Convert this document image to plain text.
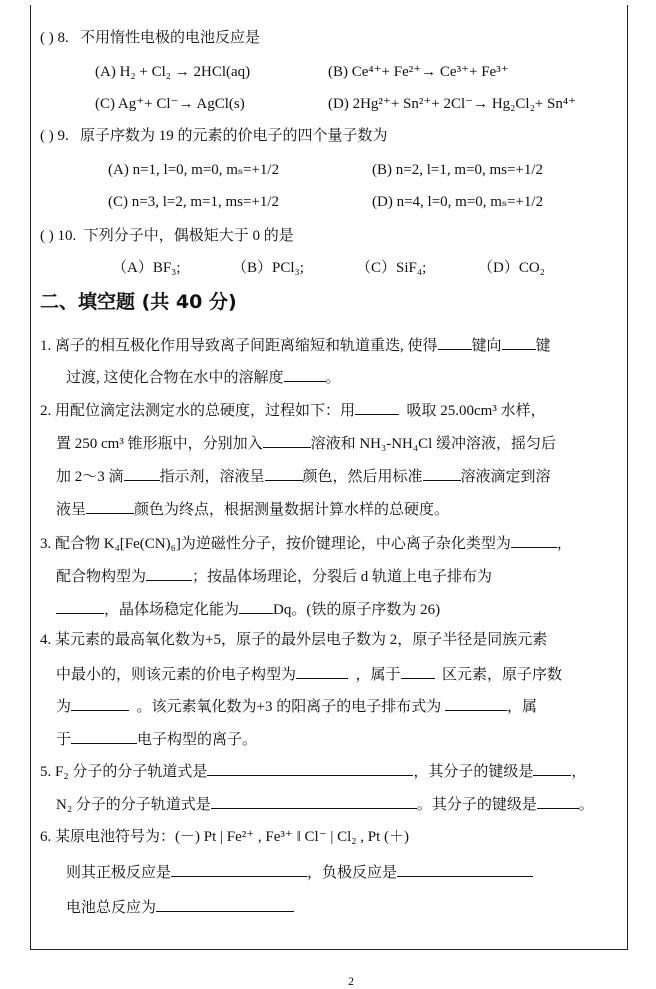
( ) 8. 不用惰性电极的电池反应是
(A) H₂ + Cl₂ → 2HCl(aq)	(B) Ce⁴⁺+ Fe²⁺→ Ce³⁺+ Fe³⁺
(C) Ag⁺+ Cl⁻→ AgCl(s)	(D) 2Hg²⁺+ Sn²⁺+ 2Cl⁻→ Hg₂Cl₂+ Sn⁴⁺
( ) 9. 原子序数为 19 的元素的价电子的四个量子数为
(A) n=1, l=0, m=0, mₛ=+1/2	(B) n=2, l=1, m=0, ms=+1/2
(C) n=3, l=2, m=1, ms=+1/2	(D) n=4, l=0, m=0, mₛ=+1/2
( ) 10. 下列分子中，偶极矩大于 0 的是
（A）BF₃;	（B）PCl₃;	（C）SiF₄;	（D）CO₂
二、填空题 (共 40 分)
1. 离子的相互极化作用导致离子间距离缩短和轨道重迭, 使得 键向 键
过渡, 这使化合物在水中的溶解度	。
2. 用配位滴定法测定水的总硬度，过程如下：用	吸取 25.00cm³ 水样，
置 250 cm³ 锥形瓶中，分别加入	溶液和 NH₃-NH₄Cl 缓冲溶液，摇匀后
加 2～3 滴 指示剂，溶液呈	颜色，然后用标准	溶液滴定到溶
液呈	颜色为终点，根据测量数据计算水样的总硬度。
3. 配合物 K₄[Fe(CN)₆]为逆磁性分子，按价键理论，中心离子杂化类型为	，
配合物构型为	；按晶体场理论，分裂后 d 轨道上电子排布为
，晶体场稳定化能为 Dq。(铁的原子序数为 26)
4. 某元素的最高氧化数为+5，原子的最外层电子数为 2，原子半径是同族元素
中最小的，则该元素的价电子构型为	，属于	区元素，原子序数
为	。该元素氧化数为+3 的阳离子的电子排布式为	，属
于	电子构型的离子。
5. F₂ 分子的分子轨道式是	，其分子的键级是	，
N₂ 分子的分子轨道式是	。其分子的键级是	。
6. 某原电池符号为：(－) Pt | Fe²⁺ , Fe³⁺ ‖ Cl⁻ | Cl₂ , Pt (＋)
则其正极反应是	，负极反应是
电池总反应为
2
